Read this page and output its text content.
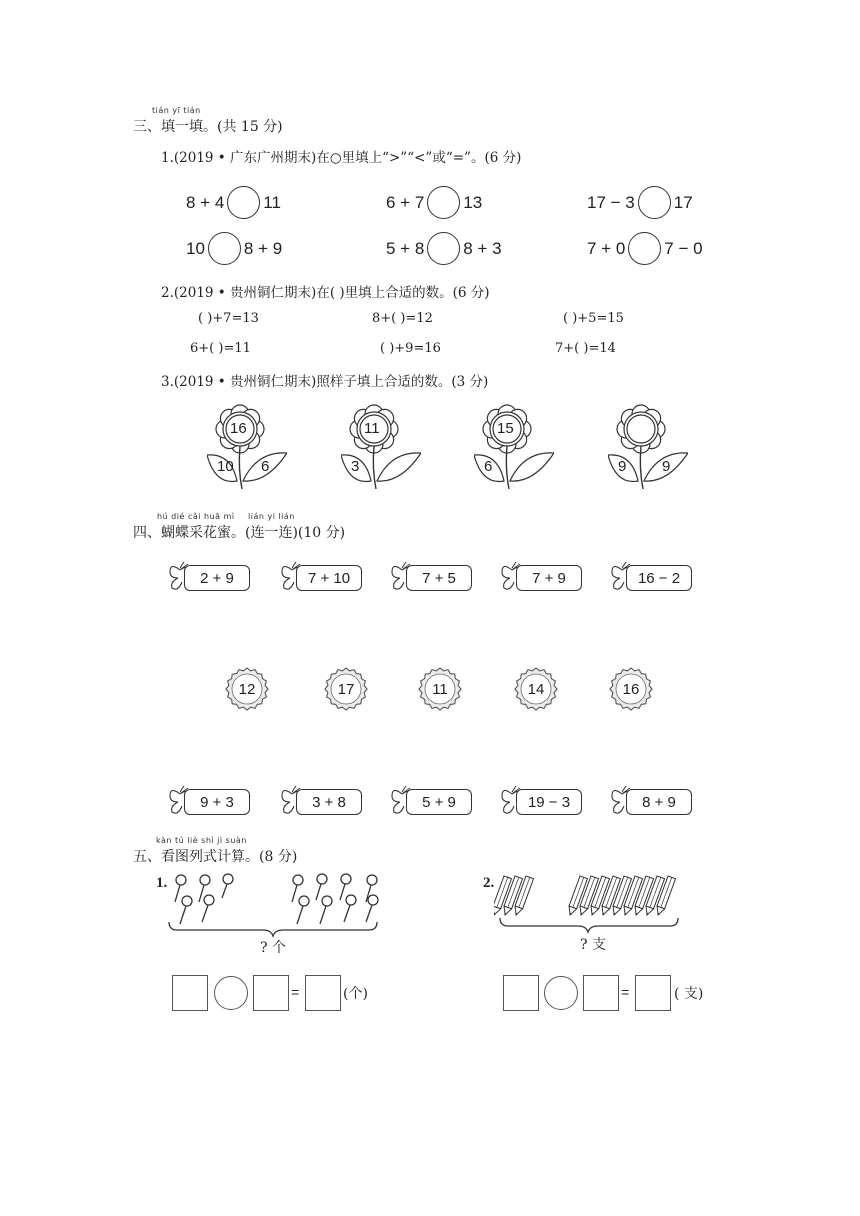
tián yī tián
三、填一填。(共 15 分)
1.(2019 • 广东广州期末)在○里填上“>”“<”或“=”。(6 分)
8 + 4 11	6 + 7 13	17 − 3 17
10 8 + 9	5 + 8 8 + 3	7 + 0 7 − 0
2.(2019 • 贵州铜仁期末)在( )里填上合适的数。(6 分)
( )+7=13	8+( )=12	( )+5=15
6+( )=11	( )+9=16	7+( )=14
3.(2019 • 贵州铜仁期末)照样子填上合适的数。(3 分)
16
10 6
11
3
15
6	9 9
hú dié cǎi huā mì lián yi lián
四、蝴蝶采花蜜。(连一连)(10 分)
2 + 9	7 + 10	7 + 5	7 + 9	16 − 2
12	17	11	14	16
9 + 3	3 + 8	5 + 9	19 − 3	8 + 9
kàn tú liè shì jì suàn
五、看图列式计算。(8 分)
1.
? 个
=	(个)
2.
? 支
=	( 支)
